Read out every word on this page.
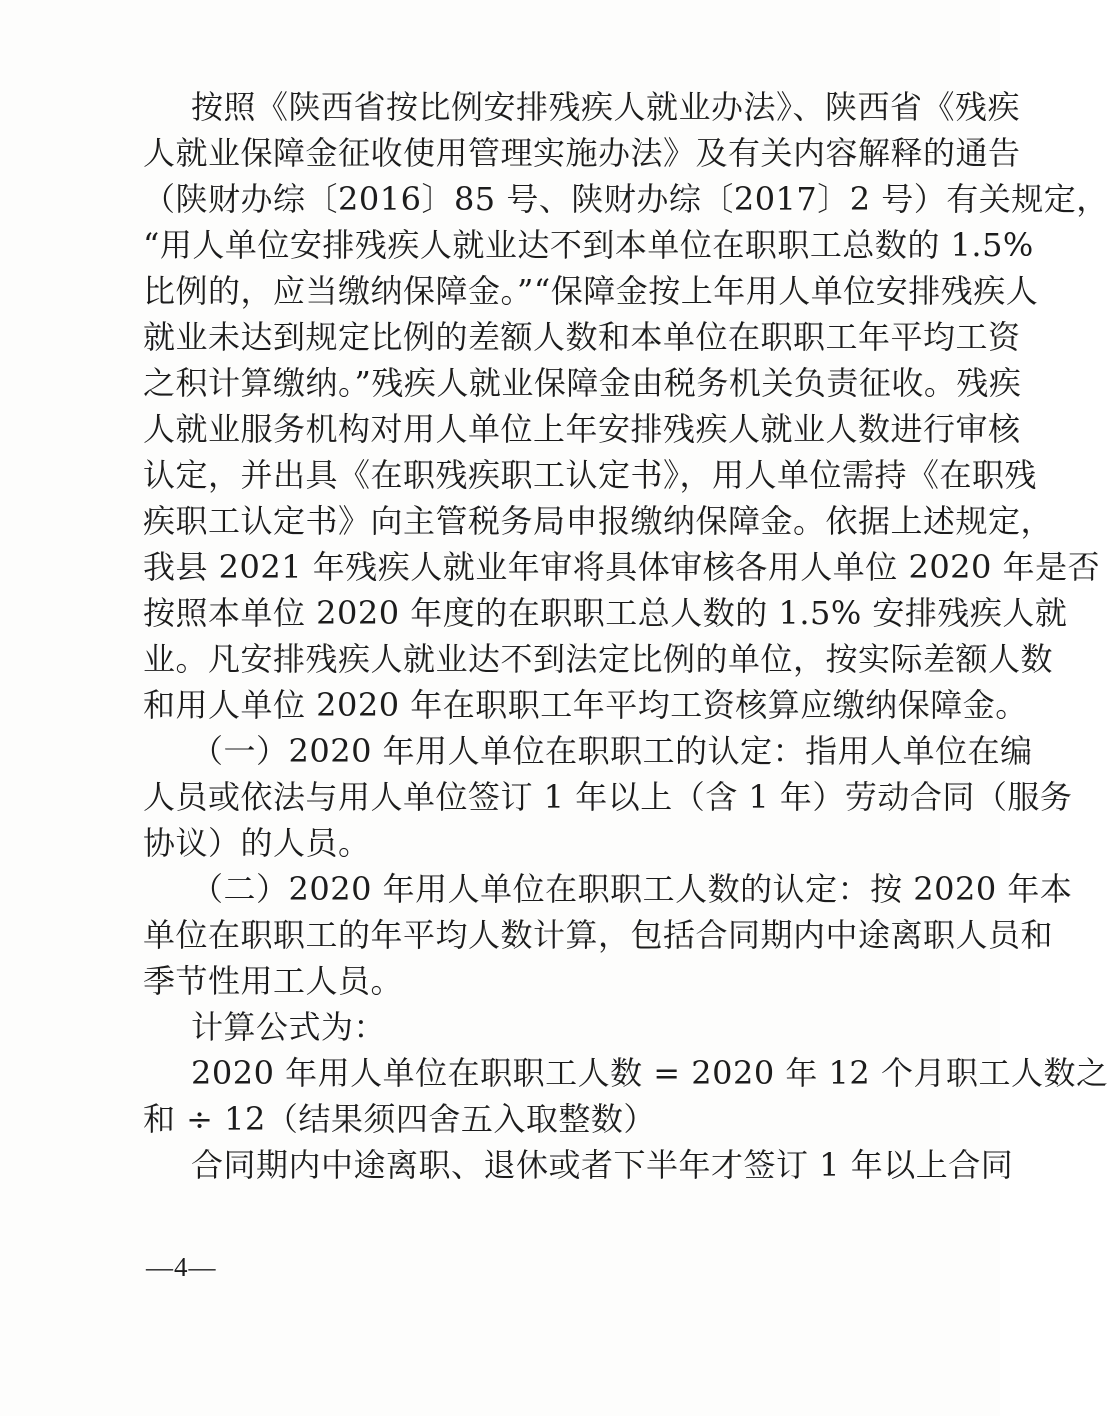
按照《陕西省按比例安排残疾人就业办法》、陕西省《残疾
人就业保障金征收使用管理实施办法》及有关内容解释的通告
（陕财办综〔2016〕85 号、陕财办综〔2017〕2 号）有关规定，
“用人单位安排残疾人就业达不到本单位在职职工总数的 1.5%
比例的，应当缴纳保障金。”“保障金按上年用人单位安排残疾人
就业未达到规定比例的差额人数和本单位在职职工年平均工资
之积计算缴纳。”残疾人就业保障金由税务机关负责征收。残疾
人就业服务机构对用人单位上年安排残疾人就业人数进行审核
认定，并出具《在职残疾职工认定书》，用人单位需持《在职残
疾职工认定书》向主管税务局申报缴纳保障金。依据上述规定，
我县 2021 年残疾人就业年审将具体审核各用人单位 2020 年是否
按照本单位 2020 年度的在职职工总人数的 1.5% 安排残疾人就
业。凡安排残疾人就业达不到法定比例的单位，按实际差额人数
和用人单位 2020 年在职职工年平均工资核算应缴纳保障金。
（一）2020 年用人单位在职职工的认定：指用人单位在编
人员或依法与用人单位签订 1 年以上（含 1 年）劳动合同（服务
协议）的人员。
（二）2020 年用人单位在职职工人数的认定：按 2020 年本
单位在职职工的年平均人数计算，包括合同期内中途离职人员和
季节性用工人员。
计算公式为：
2020 年用人单位在职职工人数 = 2020 年 12 个月职工人数之
和 ÷ 12（结果须四舍五入取整数）
合同期内中途离职、退休或者下半年才签订 1 年以上合同
—4—
